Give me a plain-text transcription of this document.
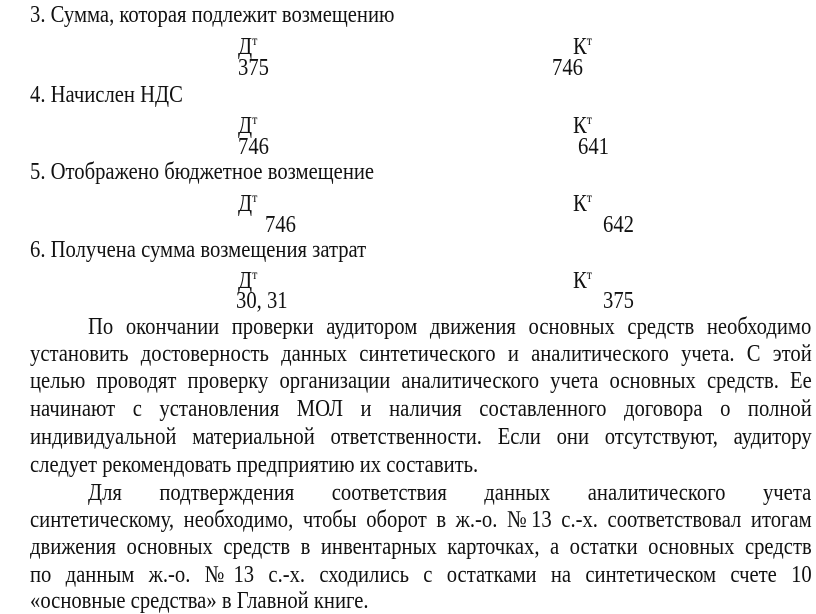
3. Сумма, которая подлежит возмещению
$Д^т$	$К^т$
375	746
4. Начислен НДС
$Д^т$	$К^т$
746	641
5. Отображено бюджетное возмещение
$Д^т$	$К^т$
746	642
6. Получена сумма возмещения затрат
$Д^т$	$К^т$
30, 31	375
По окончании проверки аудитором движения основных средств необходимо
установить достоверность данных синтетического и аналитического учета. С этой
целью проводят проверку организации аналитического учета основных средств. Ее
начинают с установления МОЛ и наличия составленного договора о полной
индивидуальной материальной ответственности. Если они отсутствуют, аудитору
следует рекомендовать предприятию их составить.
Для подтверждения соответствия данных аналитического учета
синтетическому, необходимо, чтобы оборот в ж.-о. №13 с.-х. соответствовал итогам
движения основных средств в инвентарных карточках, а остатки основных средств
по данным ж.-о. №13 с.-х. сходились с остатками на синтетическом счете 10
«основные средства» в Главной книге.
